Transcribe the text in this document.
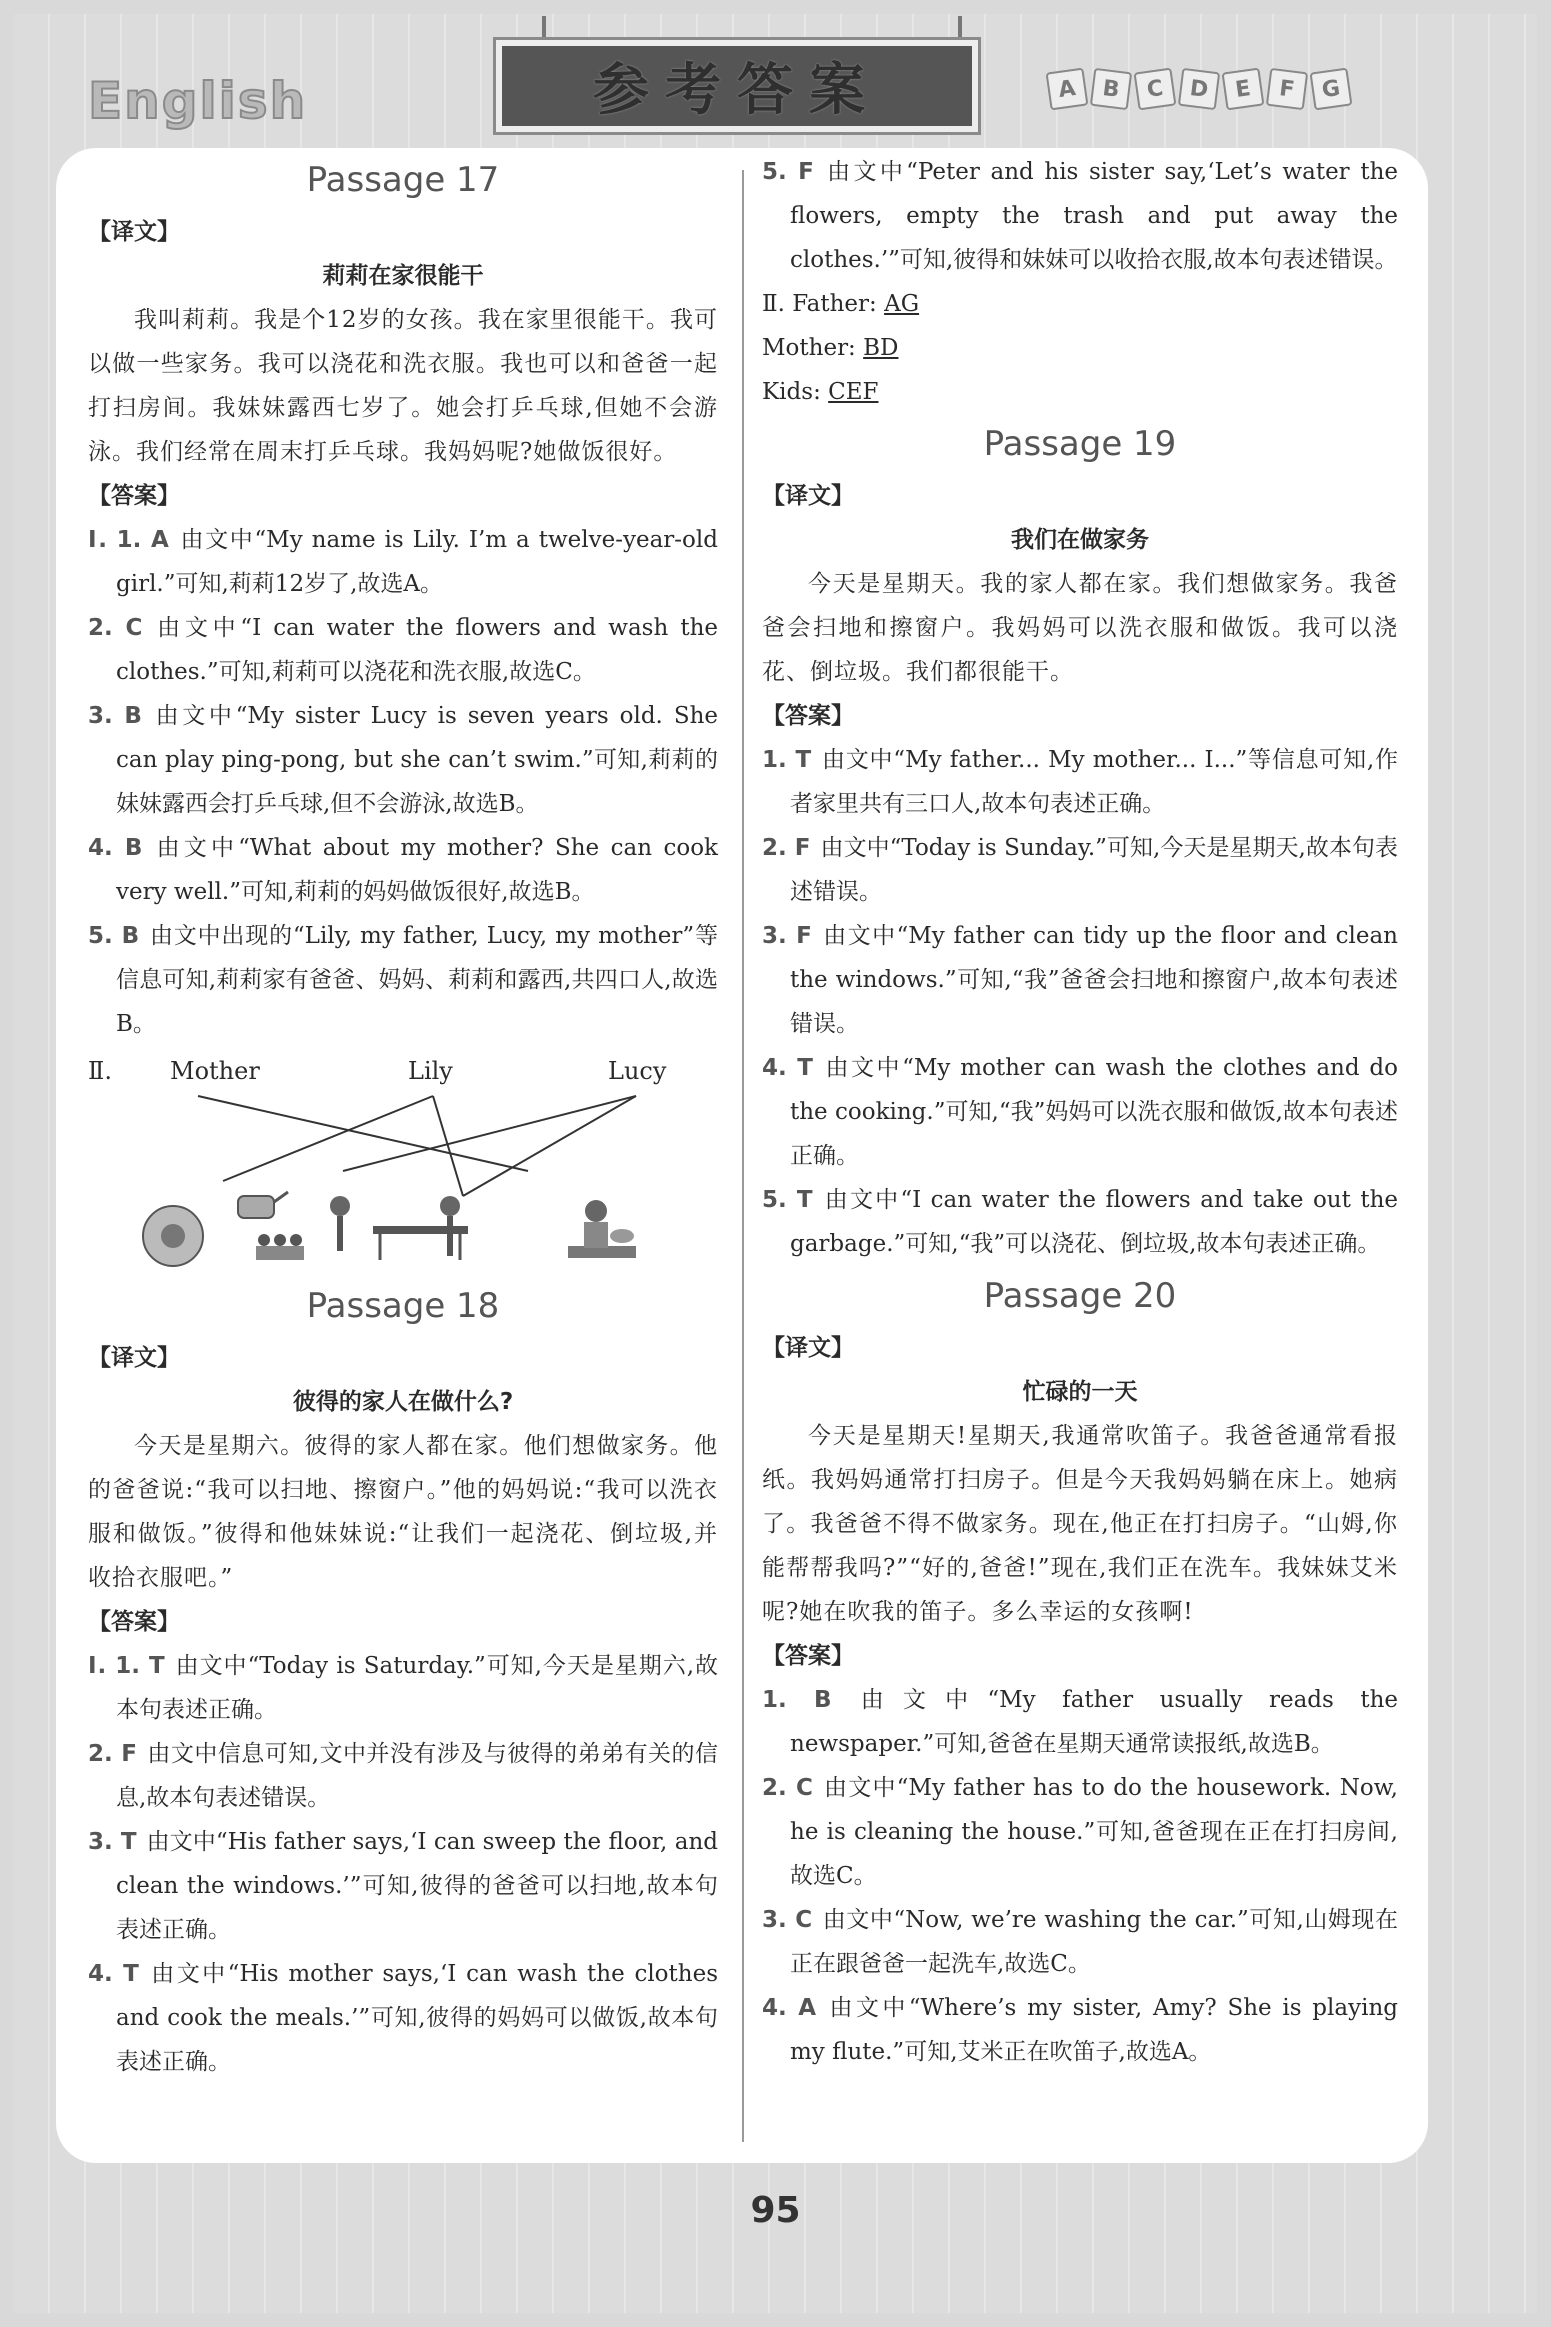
English	参考答案	A	B	C	D	E	F	G
Passage 17
【译文】
莉莉在家很能干
我叫莉莉。我是个12岁的女孩。我在家里很能干。我可以做一些家务。我可以浇花和洗衣服。我也可以和爸爸一起打扫房间。我妹妹露西七岁了。她会打乒乓球,但她不会游泳。我们经常在周末打乒乓球。我妈妈呢?她做饭很好。
【答案】
Ⅰ. 1. A 由文中“My name is Lily. I’m a twelve-year-old girl.”可知,莉莉12岁了,故选A。
2. C 由文中“I can water the flowers and wash the clothes.”可知,莉莉可以浇花和洗衣服,故选C。
3. B 由文中“My sister Lucy is seven years old. She can play ping-pong, but she can’t swim.”可知,莉莉的妹妹露西会打乒乓球,但不会游泳,故选B。
4. B 由文中“What about my mother? She can cook very well.”可知,莉莉的妈妈做饭很好,故选B。
5. B 由文中出现的“Lily, my father, Lucy, my mother”等信息可知,莉莉家有爸爸、妈妈、莉莉和露西,共四口人,故选B。
Ⅱ. Mother	Lily	Lucy
Passage 18
【译文】
彼得的家人在做什么?
今天是星期六。彼得的家人都在家。他们想做家务。他的爸爸说:“我可以扫地、擦窗户。”他的妈妈说:“我可以洗衣服和做饭。”彼得和他妹妹说:“让我们一起浇花、倒垃圾,并收拾衣服吧。”
【答案】
Ⅰ. 1. T 由文中“Today is Saturday.”可知,今天是星期六,故本句表述正确。
2. F 由文中信息可知,文中并没有涉及与彼得的弟弟有关的信息,故本句表述错误。
3. T 由文中“His father says,‘I can sweep the floor, and clean the windows.’”可知,彼得的爸爸可以扫地,故本句表述正确。
4. T 由文中“His mother says,‘I can wash the clothes and cook the meals.’”可知,彼得的妈妈可以做饭,故本句表述正确。
5. F 由文中“Peter and his sister say,‘Let’s water the flowers, empty the trash and put away the clothes.’”可知,彼得和妹妹可以收拾衣服,故本句表述错误。
Ⅱ. Father: AG
Mother: BD
Kids: CEF
Passage 19
【译文】
我们在做家务
今天是星期天。我的家人都在家。我们想做家务。我爸爸会扫地和擦窗户。我妈妈可以洗衣服和做饭。我可以浇花、倒垃圾。我们都很能干。
【答案】
1. T 由文中“My father... My mother... I...”等信息可知,作者家里共有三口人,故本句表述正确。
2. F 由文中“Today is Sunday.”可知,今天是星期天,故本句表述错误。
3. F 由文中“My father can tidy up the floor and clean the windows.”可知,“我”爸爸会扫地和擦窗户,故本句表述错误。
4. T 由文中“My mother can wash the clothes and do the cooking.”可知,“我”妈妈可以洗衣服和做饭,故本句表述正确。
5. T 由文中“I can water the flowers and take out the garbage.”可知,“我”可以浇花、倒垃圾,故本句表述正确。
Passage 20
【译文】
忙碌的一天
今天是星期天!星期天,我通常吹笛子。我爸爸通常看报纸。我妈妈通常打扫房子。但是今天我妈妈躺在床上。她病了。我爸爸不得不做家务。现在,他正在打扫房子。“山姆,你能帮帮我吗?”“好的,爸爸!”现在,我们正在洗车。我妹妹艾米呢?她在吹我的笛子。多么幸运的女孩啊!
【答案】
1. B 由文中“My father usually reads the newspaper.”可知,爸爸在星期天通常读报纸,故选B。
2. C 由文中“My father has to do the housework. Now, he is cleaning the house.”可知,爸爸现在正在打扫房间,故选C。
3. C 由文中“Now, we’re washing the car.”可知,山姆现在正在跟爸爸一起洗车,故选C。
4. A 由文中“Where’s my sister, Amy? She is playing my flute.”可知,艾米正在吹笛子,故选A。
95
